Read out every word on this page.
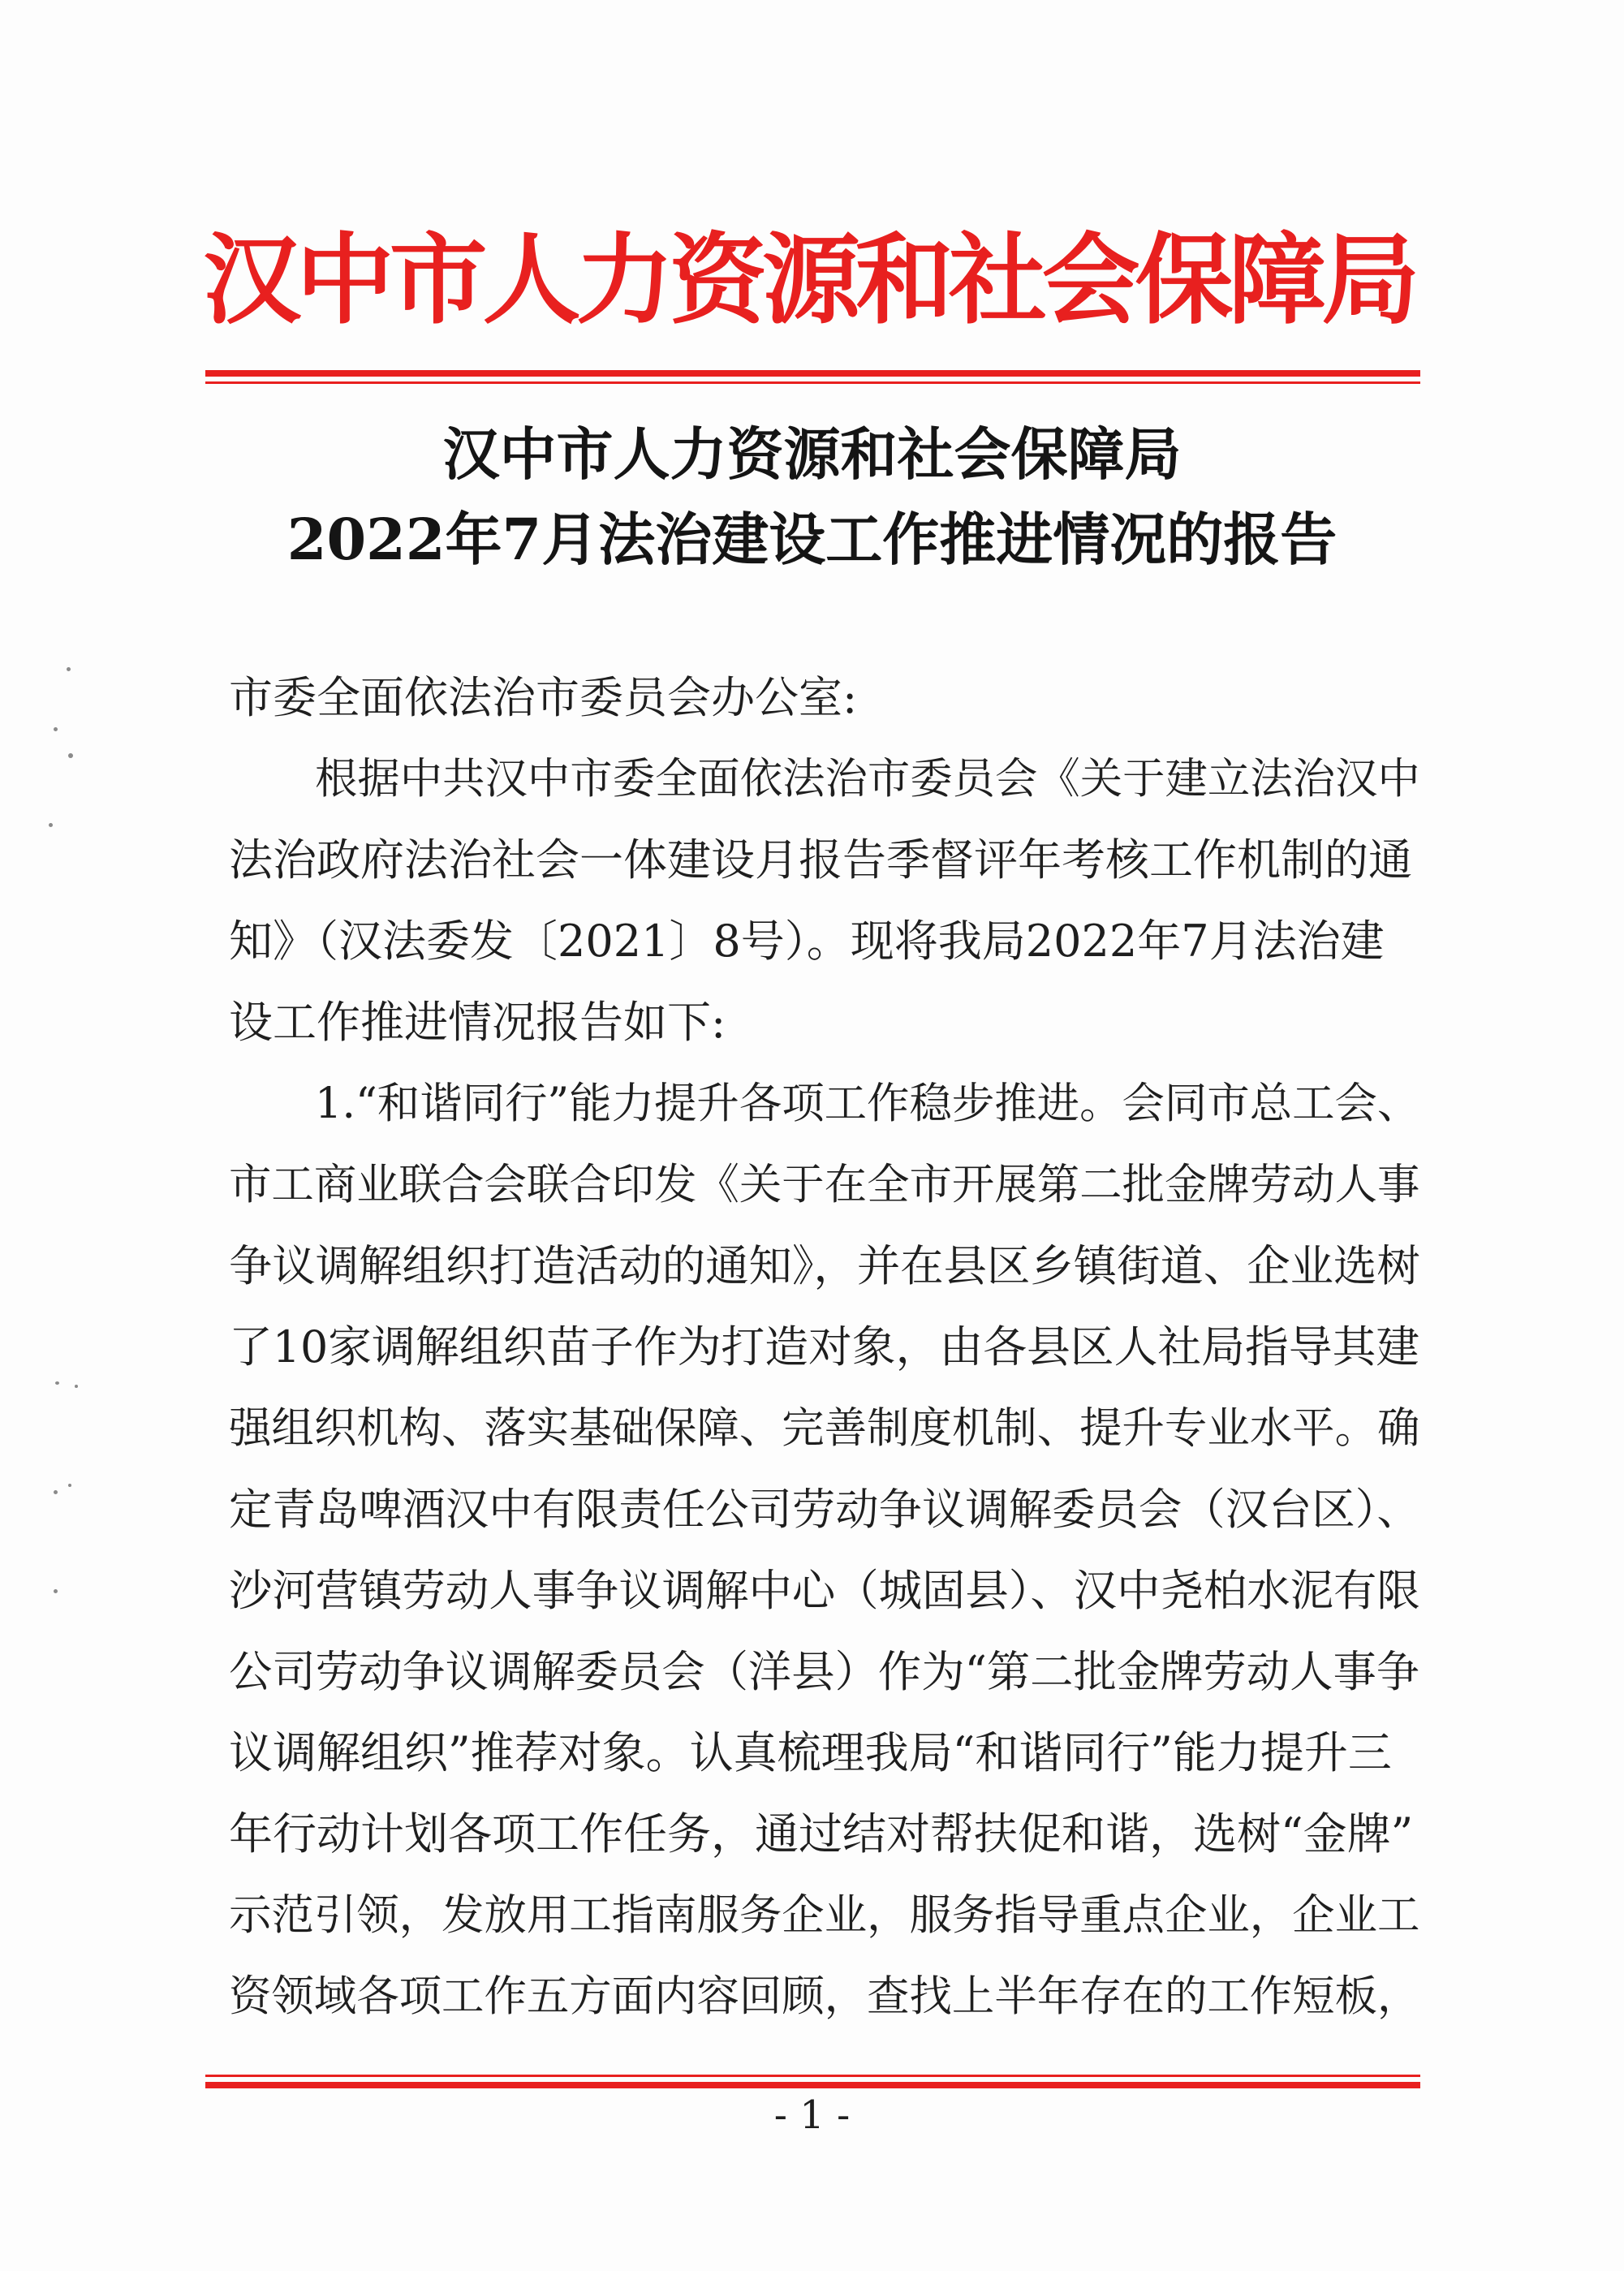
汉中市人力资源和社会保障局
汉中市人力资源和社会保障局
2022年7月法治建设工作推进情况的报告
市委全面依法治市委员会办公室:
根据中共汉中市委全面依法治市委员会《关于建立法治汉中
法治政府法治社会一体建设月报告季督评年考核工作机制的通
知》（汉法委发〔2021〕8号）。现将我局2022年7月法治建
设工作推进情况报告如下:
1.“和谐同行”能力提升各项工作稳步推进。会同市总工会、
市工商业联合会联合印发《关于在全市开展第二批金牌劳动人事
争议调解组织打造活动的通知》，并在县区乡镇街道、企业选树
了10家调解组织苗子作为打造对象，由各县区人社局指导其建
强组织机构、落实基础保障、完善制度机制、提升专业水平。确
定青岛啤酒汉中有限责任公司劳动争议调解委员会（汉台区）、
沙河营镇劳动人事争议调解中心（城固县）、汉中尧柏水泥有限
公司劳动争议调解委员会（洋县）作为“第二批金牌劳动人事争
议调解组织”推荐对象。认真梳理我局“和谐同行”能力提升三
年行动计划各项工作任务，通过结对帮扶促和谐，选树“金牌”
示范引领，发放用工指南服务企业，服务指导重点企业，企业工
资领域各项工作五方面内容回顾，查找上半年存在的工作短板，
- 1 -
